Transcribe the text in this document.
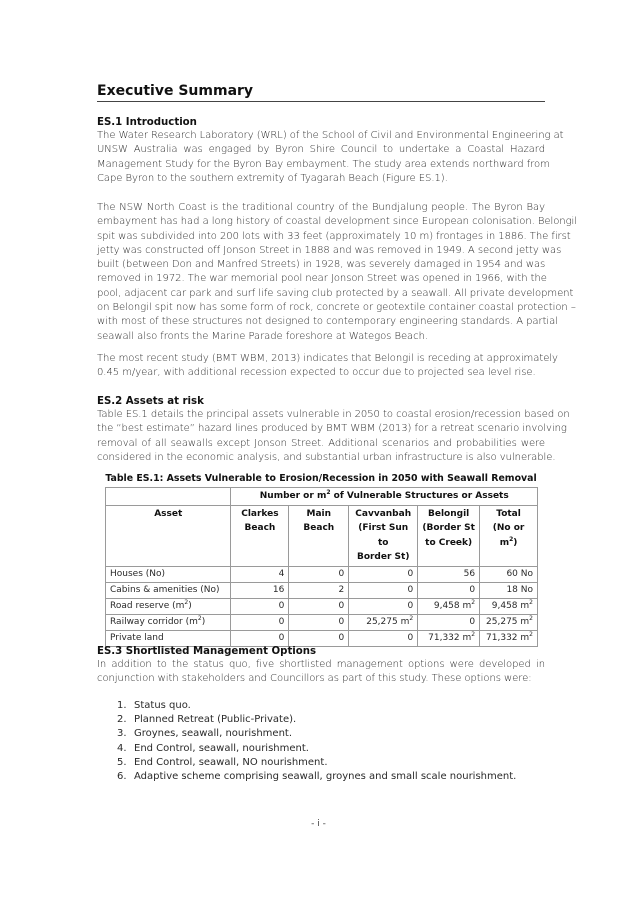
Executive Summary
ES.1 Introduction
The Water Research Laboratory (WRL) of the School of Civil and Environmental Engineering at
UNSW Australia was engaged by Byron Shire Council to undertake a Coastal Hazard
Management Study for the Byron Bay embayment. The study area extends northward from
Cape Byron to the southern extremity of Tyagarah Beach (Figure ES.1).
The NSW North Coast is the traditional country of the Bundjalung people. The Byron Bay
embayment has had a long history of coastal development since European colonisation. Belongil
spit was subdivided into 200 lots with 33 feet (approximately 10 m) frontages in 1886. The first
jetty was constructed off Jonson Street in 1888 and was removed in 1949. A second jetty was
built (between Don and Manfred Streets) in 1928, was severely damaged in 1954 and was
removed in 1972. The war memorial pool near Jonson Street was opened in 1966, with the
pool, adjacent car park and surf life saving club protected by a seawall. All private development
on Belongil spit now has some form of rock, concrete or geotextile container coastal protection –
with most of these structures not designed to contemporary engineering standards. A partial
seawall also fronts the Marine Parade foreshore at Wategos Beach.
The most recent study (BMT WBM, 2013) indicates that Belongil is receding at approximately
0.45 m/year, with additional recession expected to occur due to projected sea level rise.
ES.2 Assets at risk
Table ES.1 details the principal assets vulnerable in 2050 to coastal erosion/recession based on
the “best estimate” hazard lines produced by BMT WBM (2013) for a retreat scenario involving
removal of all seawalls except Jonson Street. Additional scenarios and probabilities were
considered in the economic analysis, and substantial urban infrastructure is also vulnerable.
Table ES.1: Assets Vulnerable to Erosion/Recession in 2050 with Seawall Removal
	Number or $m^2$ of Vulnerable Structures or Assets				
Asset	Clarkes
Beach	Main Beach	Cavvanbah
(First Sun to
Border St)	Belongil
(Border St
to Creek)	Total
(No or $m^2$)
Houses (No)	4	0	0	56	60 No
Cabins & amenities (No)	16	2	0	0	18 No
Road reserve $(m^2)$	0	0	0	9,458 $m^2$	9,458 $m^2$
Railway corridor $(m^2)$	0	0	25,275 $m^2$	0	25,275 $m^2$
Private land	0	0	0	71,332 $m^2$	71,332 $m^2$
ES.3 Shortlisted Management Options
In addition to the status quo, five shortlisted management options were developed in
conjunction with stakeholders and Councillors as part of this study. These options were:
1. Status quo.
2. Planned Retreat (Public-Private).
3. Groynes, seawall, nourishment.
4. End Control, seawall, nourishment.
5. End Control, seawall, NO nourishment.
6. Adaptive scheme comprising seawall, groynes and small scale nourishment.
- i -
